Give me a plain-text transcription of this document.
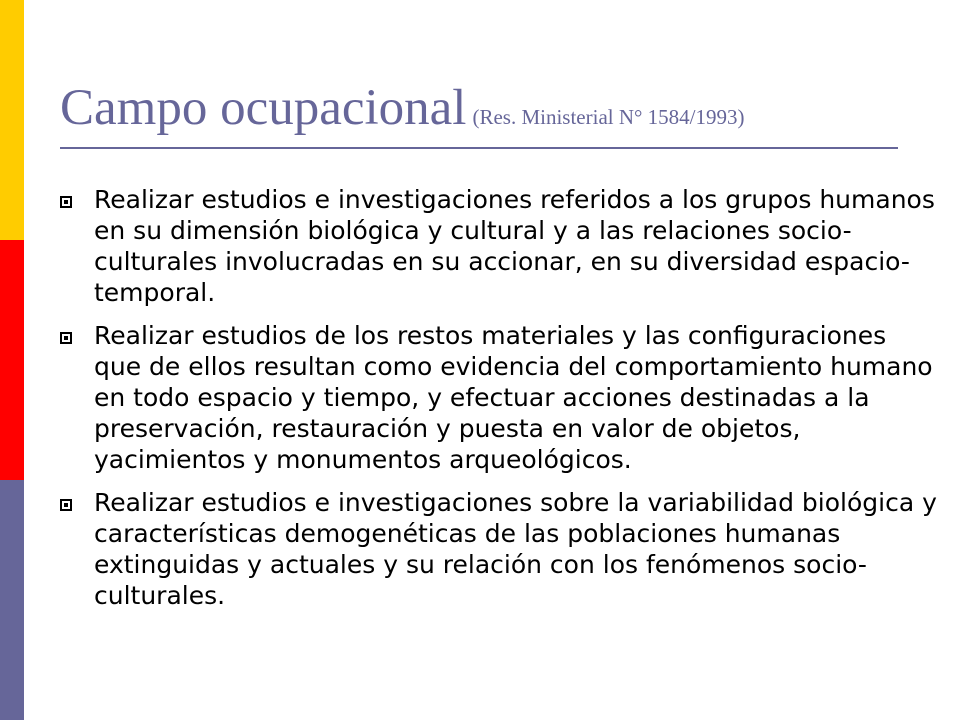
Campo ocupacional (Res. Ministerial N° 1584/1993)
Realizar estudios e investigaciones referidos a los grupos humanos en su dimensión biológica y cultural y a las relaciones socio-culturales involucradas en su accionar, en su diversidad espacio-temporal.
Realizar estudios de los restos materiales y las configuraciones que de ellos resultan como evidencia del comportamiento humano en todo espacio y tiempo, y efectuar acciones destinadas a la preservación, restauración y puesta en valor de objetos, yacimientos y monumentos arqueológicos.
Realizar estudios e investigaciones sobre la variabilidad biológica y características demogenéticas de las poblaciones humanas extinguidas y actuales y su relación con los fenómenos socio-culturales.
